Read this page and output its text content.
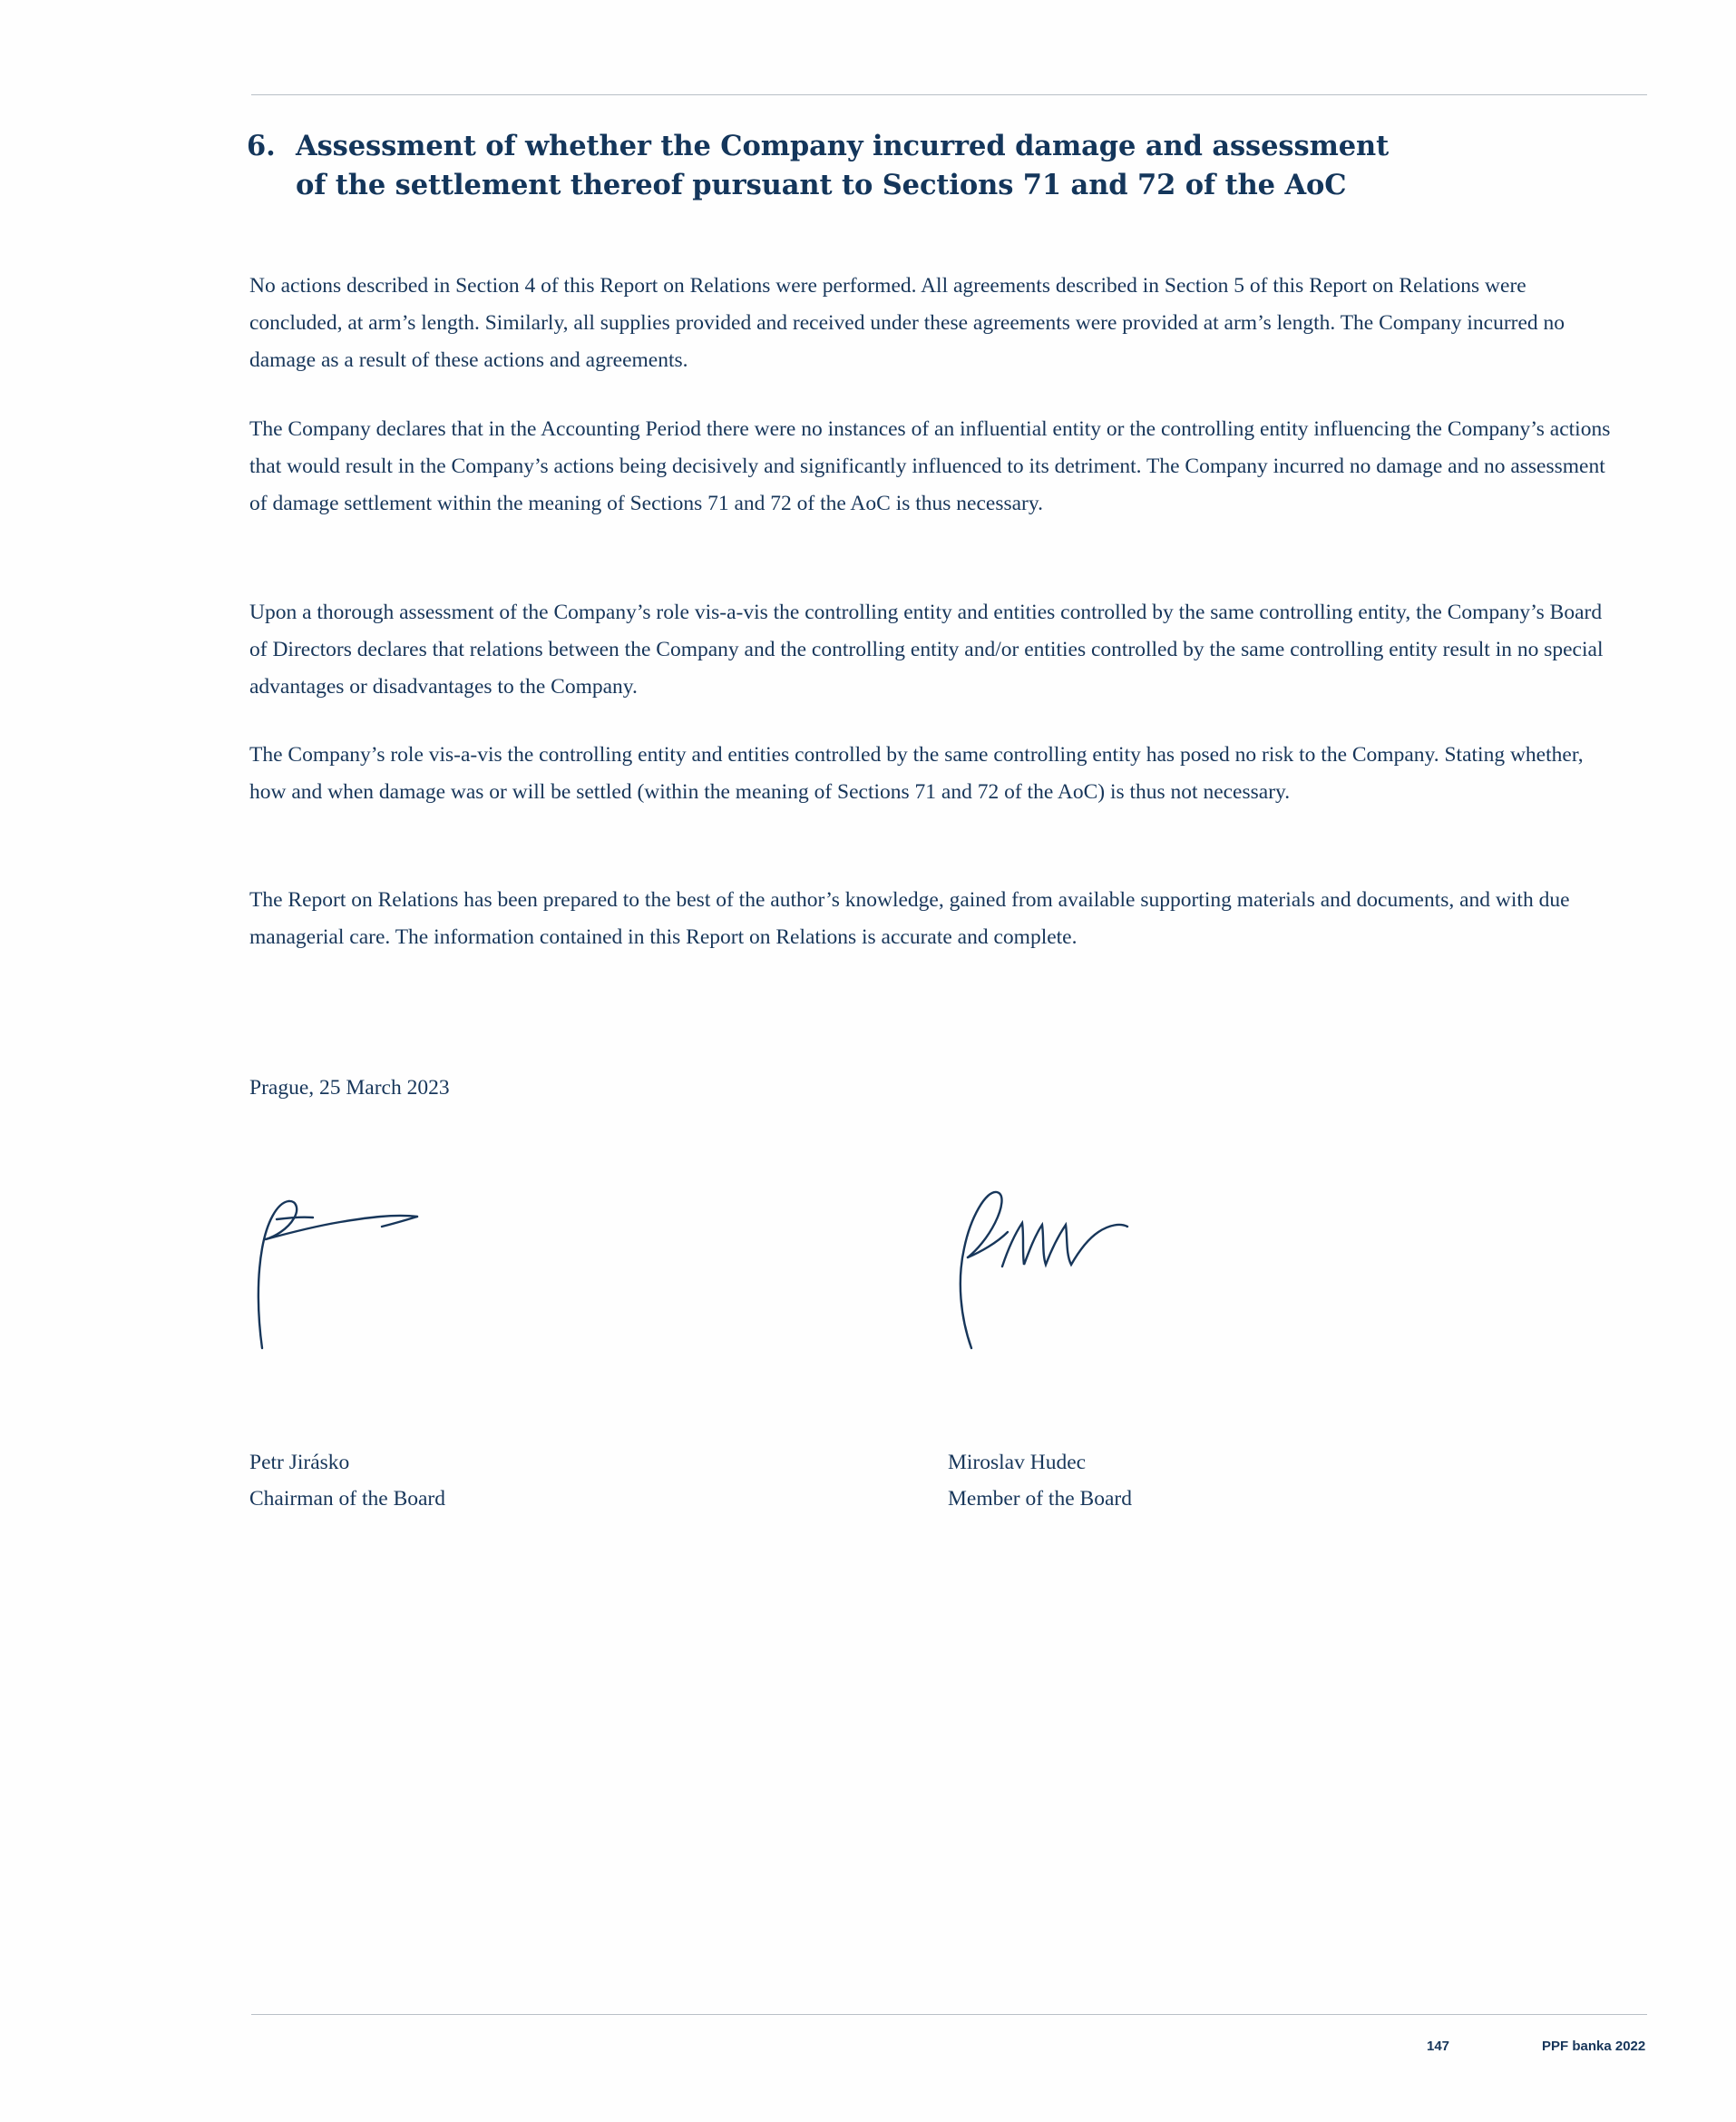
6. Assessment of whether the Company incurred damage and assessment
of the settlement thereof pursuant to Sections 71 and 72 of the AoC
No actions described in Section 4 of this Report on Relations were performed. All agreements described in Section 5 of this Report on Relations were concluded, at arm’s length. Similarly, all supplies provided and received under these agreements were provided at arm’s length. The Company incurred no damage as a result of these actions and agreements.
The Company declares that in the Accounting Period there were no instances of an influential entity or the controlling entity influencing the Company’s actions that would result in the Company’s actions being decisively and significantly influenced to its detriment. The Company incurred no damage and no assessment of damage settlement within the meaning of Sections 71 and 72 of the AoC is thus necessary.
Upon a thorough assessment of the Company’s role vis-a-vis the controlling entity and entities controlled by the same controlling entity, the Company’s Board of Directors declares that relations between the Company and the controlling entity and/or entities controlled by the same controlling entity result in no special advantages or disadvantages to the Company.
The Company’s role vis-a-vis the controlling entity and entities controlled by the same controlling entity has posed no risk to the Company. Stating whether, how and when damage was or will be settled (within the meaning of Sections 71 and 72 of the AoC) is thus not necessary.
The Report on Relations has been prepared to the best of the author’s knowledge, gained from available supporting materials and documents, and with due managerial care. The information contained in this Report on Relations is accurate and complete.
Prague, 25 March 2023
Petr Jirásko
Chairman of the Board
Miroslav Hudec
Member of the Board
147	PPF banka 2022
